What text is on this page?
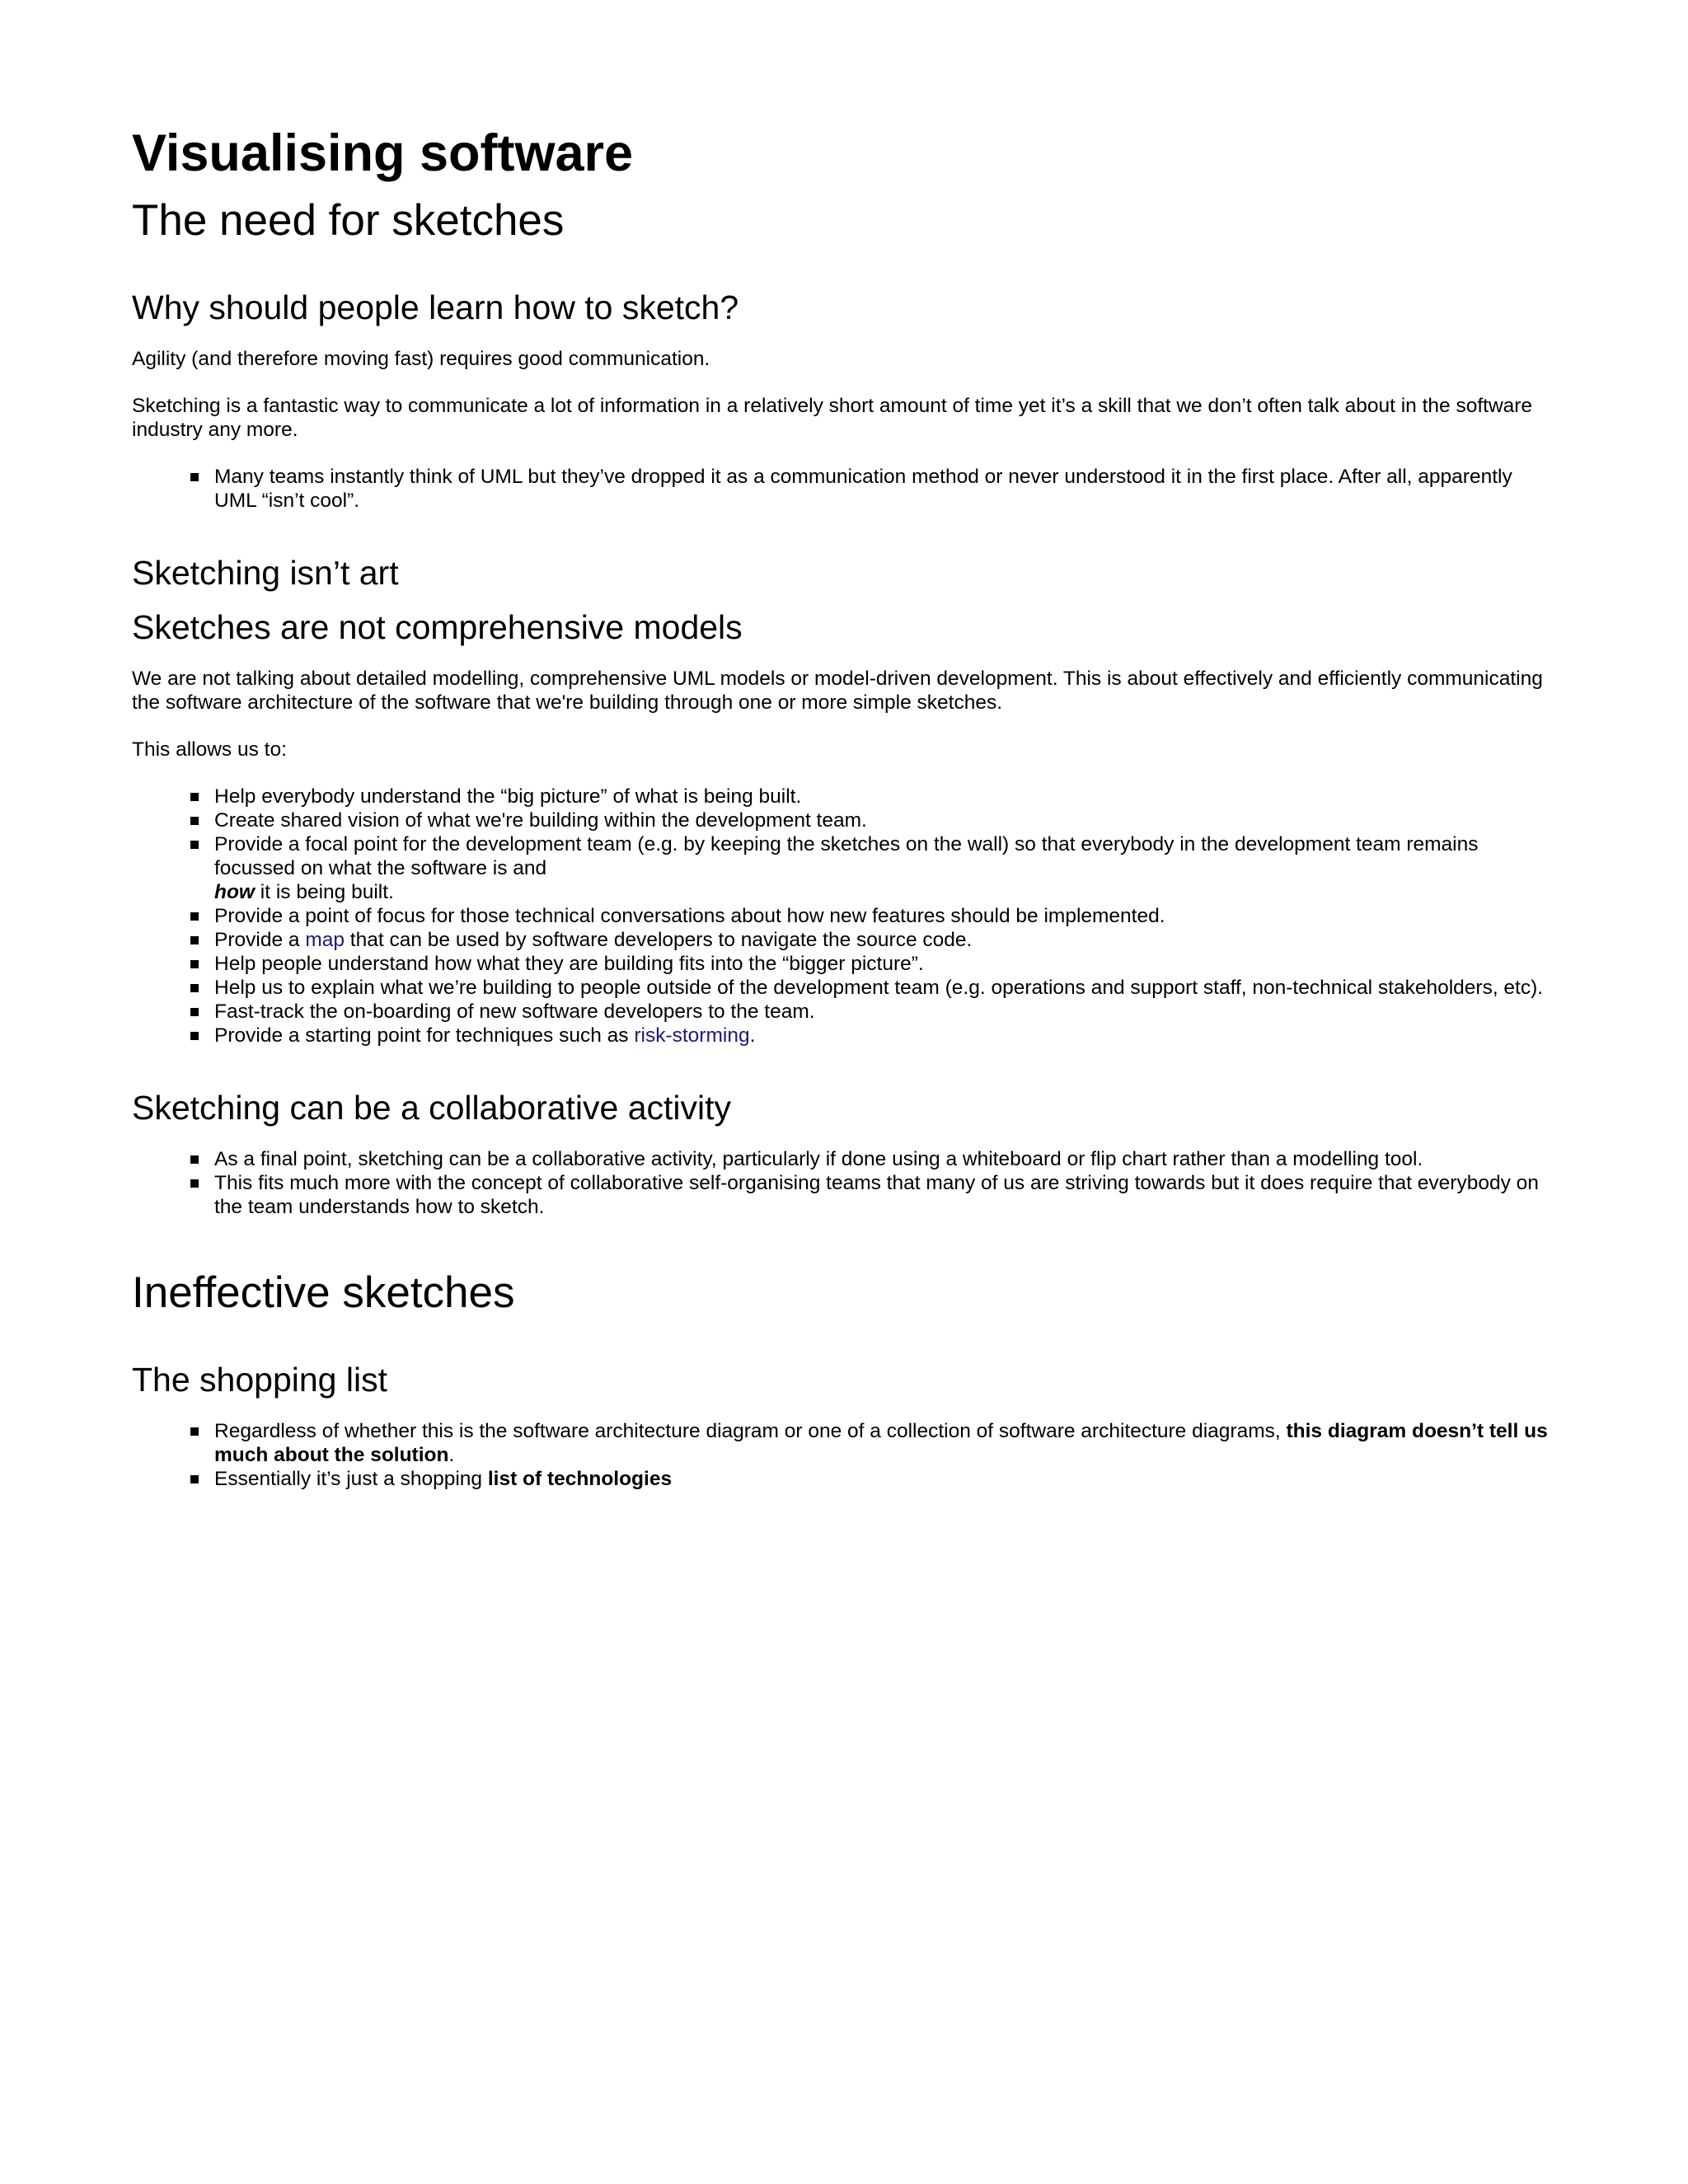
Visualising software
The need for sketches
Why should people learn how to sketch?

Agility (and therefore moving fast) requires good communication.

Sketching is a fantastic way to communicate a lot of information in a relatively short amount of time yet it’s a skill that we don’t often talk about in the software industry any more.

Many teams instantly think of UML but they’ve dropped it as a communication method or never understood it in the first place. After all, apparently UML “isn’t cool”.
Sketching isn’t art
Sketches are not comprehensive models

We are not talking about detailed modelling, comprehensive UML models or model-driven development. This is about effectively and efficiently communicating the software architecture of the software that we're building through one or more simple sketches.

This allows us to:

Help everybody understand the “big picture” of what is being built.
Create shared vision of what we're building within the development team.
Provide a focal point for the development team (e.g. by keeping the sketches on the wall) so that everybody in the development team remains focussed on what the software is and
how it is being built.
Provide a point of focus for those technical conversations about how new features should be implemented.
Provide a map that can be used by software developers to navigate the source code.
Help people understand how what they are building fits into the “bigger picture”.
Help us to explain what we’re building to people outside of the development team (e.g. operations and support staff, non-technical stakeholders, etc).
Fast-track the on-boarding of new software developers to the team.
Provide a starting point for techniques such as risk-storming.
Sketching can be a collaborative activity
As a final point, sketching can be a collaborative activity, particularly if done using a whiteboard or flip chart rather than a modelling tool.
This fits much more with the concept of collaborative self-organising teams that many of us are striving towards but it does require that everybody on the team understands how to sketch.
Ineffective sketches
The shopping list
Regardless of whether this is the software architecture diagram or one of a collection of software architecture diagrams, this diagram doesn’t tell us much about the solution.
Essentially it’s just a shopping list of technologies
